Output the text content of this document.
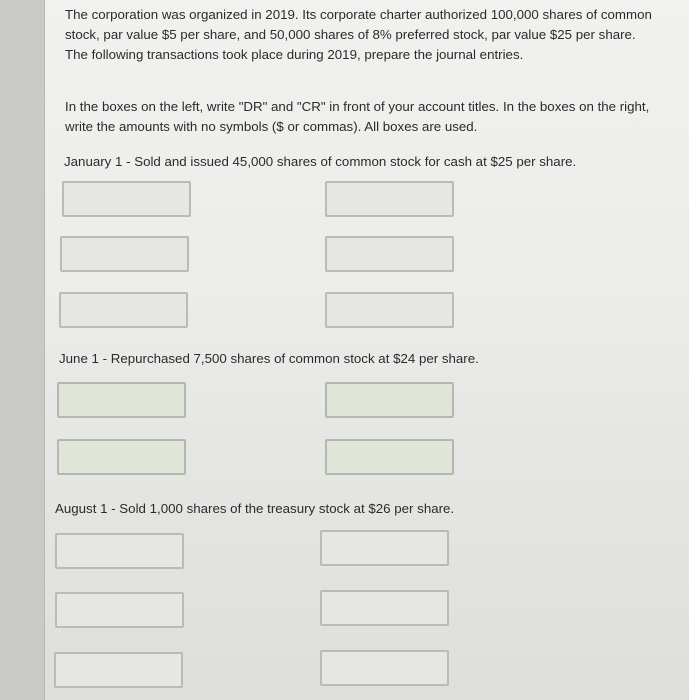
The corporation was organized in 2019. Its corporate charter authorized 100,000 shares of common stock, par value $5 per share, and 50,000 shares of 8% preferred stock, par value $25 per share. The following transactions took place during 2019, prepare the journal entries.

In the boxes on the left, write "DR" and "CR" in front of your account titles. In the boxes on the right, write the amounts with no symbols ($ or commas). All boxes are used.

January 1 - Sold and issued 45,000 shares of common stock for cash at $25 per share.

June 1 - Repurchased 7,500 shares of common stock at $24 per share.

August 1 - Sold 1,000 shares of the treasury stock at $26 per share.
